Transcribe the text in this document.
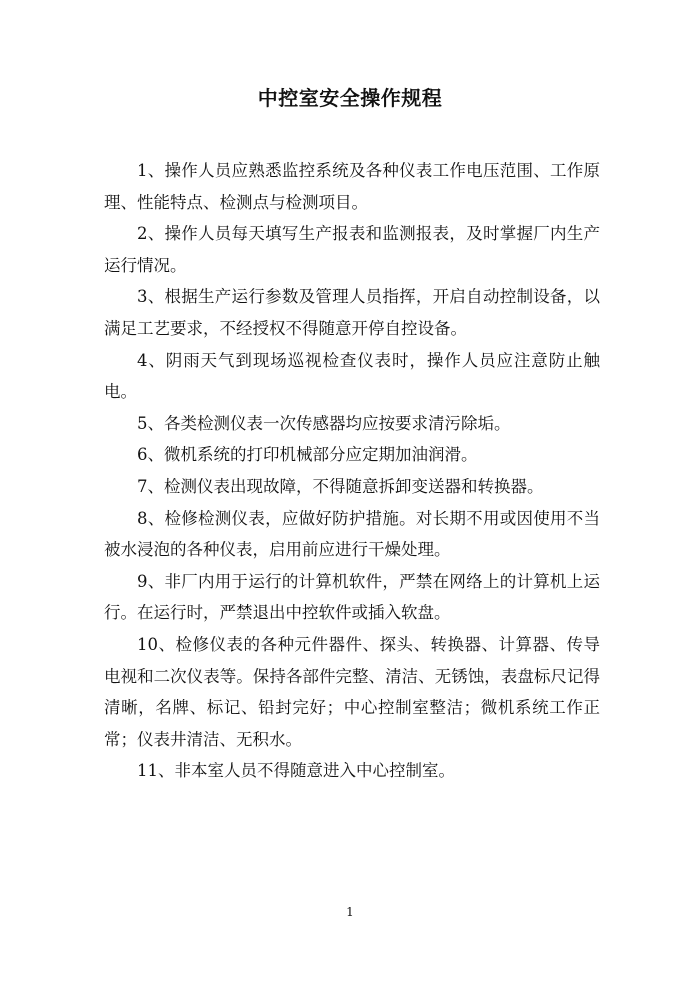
中控室安全操作规程

1、操作人员应熟悉监控系统及各种仪表工作电压范围、工作原理、性能特点、检测点与检测项目。

2、操作人员每天填写生产报表和监测报表，及时掌握厂内生产运行情况。

3、根据生产运行参数及管理人员指挥，开启自动控制设备，以满足工艺要求，不经授权不得随意开停自控设备。

4、阴雨天气到现场巡视检查仪表时，操作人员应注意防止触电。

5、各类检测仪表一次传感器均应按要求清污除垢。

6、微机系统的打印机械部分应定期加油润滑。

7、检测仪表出现故障，不得随意拆卸变送器和转换器。

8、检修检测仪表，应做好防护措施。对长期不用或因使用不当被水浸泡的各种仪表，启用前应进行干燥处理。

9、非厂内用于运行的计算机软件，严禁在网络上的计算机上运行。在运行时，严禁退出中控软件或插入软盘。

10、检修仪表的各种元件器件、探头、转换器、计算器、传导电视和二次仪表等。保持各部件完整、清洁、无锈蚀，表盘标尺记得清晰，名牌、标记、铅封完好；中心控制室整洁；微机系统工作正常；仪表井清洁、无积水。

11、非本室人员不得随意进入中心控制室。

1
